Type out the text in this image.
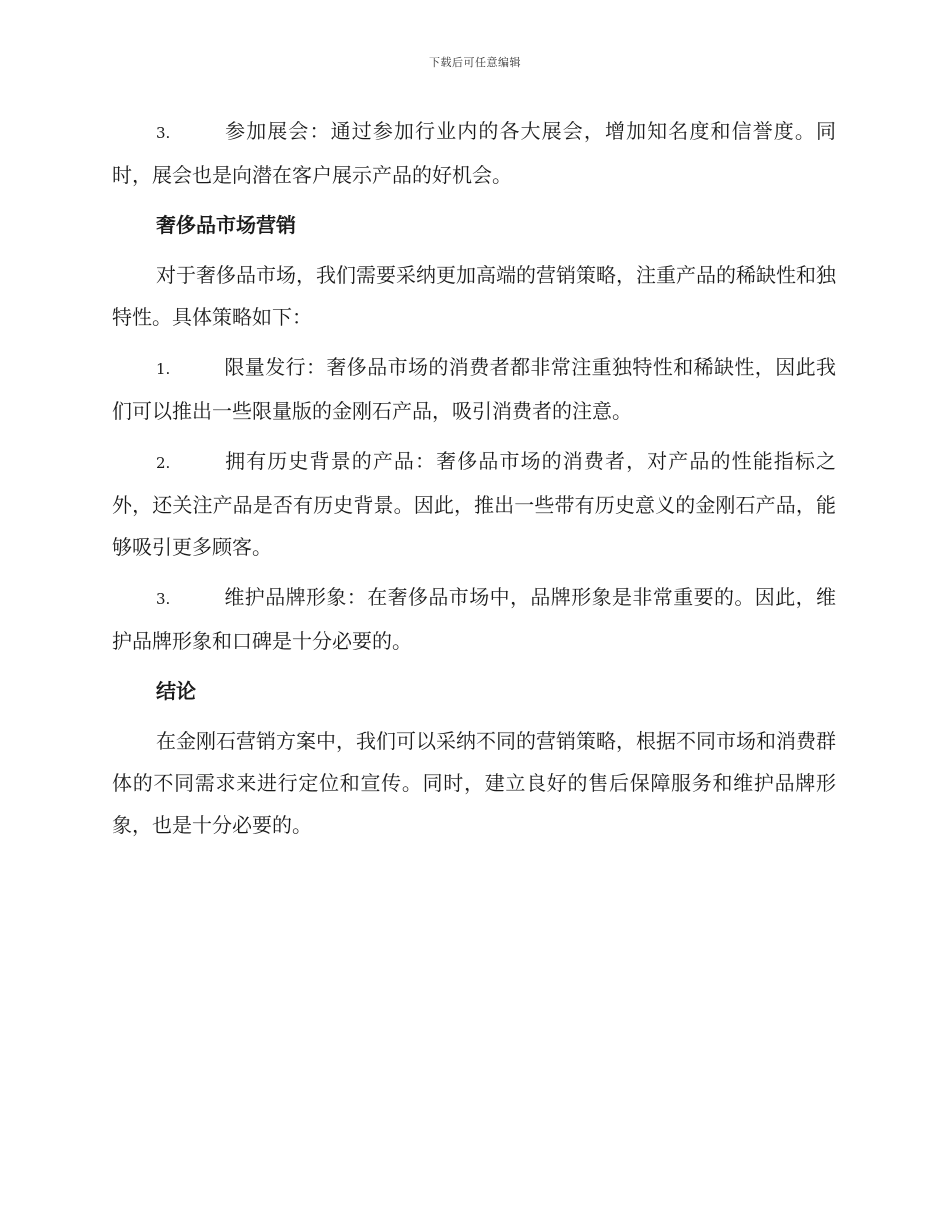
下载后可任意编辑

3.	参加展会：通过参加行业内的各大展会，增加知名度和信誉度。同时，展会也是向潜在客户展示产品的好机会。

奢侈品市场营销

对于奢侈品市场，我们需要采纳更加高端的营销策略，注重产品的稀缺性和独特性。具体策略如下：

1.	限量发行：奢侈品市场的消费者都非常注重独特性和稀缺性，因此我们可以推出一些限量版的金刚石产品，吸引消费者的注意。

2.	拥有历史背景的产品：奢侈品市场的消费者，对产品的性能指标之外，还关注产品是否有历史背景。因此，推出一些带有历史意义的金刚石产品，能够吸引更多顾客。

3.	维护品牌形象：在奢侈品市场中，品牌形象是非常重要的。因此，维护品牌形象和口碑是十分必要的。

结论

在金刚石营销方案中，我们可以采纳不同的营销策略，根据不同市场和消费群体的不同需求来进行定位和宣传。同时，建立良好的售后保障服务和维护品牌形象，也是十分必要的。
